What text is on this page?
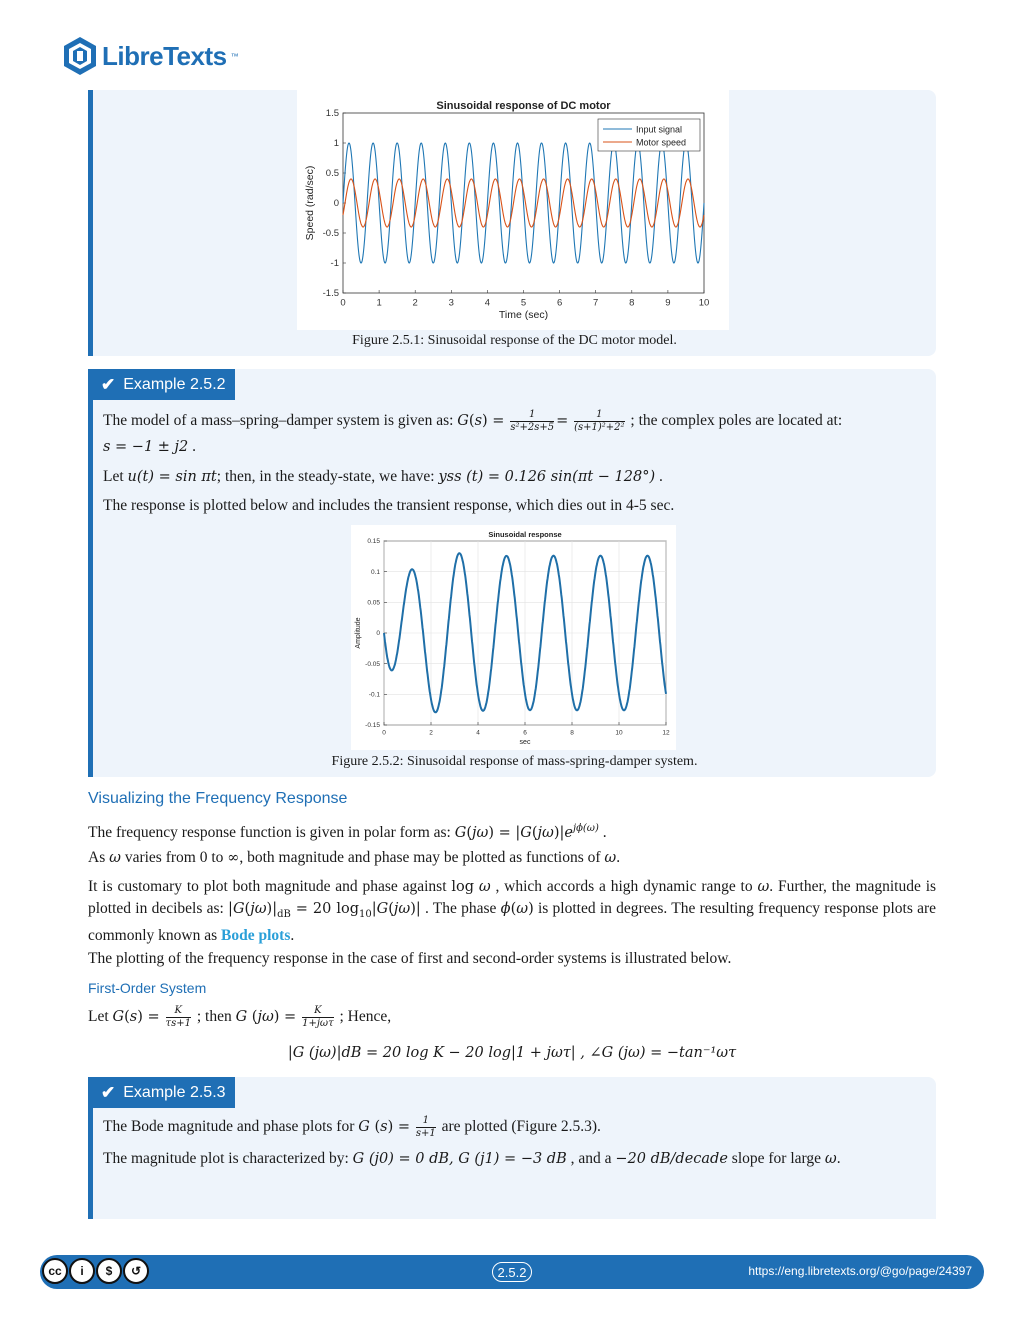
LibreTexts ™
0	1	2	3	4	5	6	7	8	9	10
1.5
1
0.5
0
-0.5
-1
-1.5
Sinusoidal response of DC motor
Time (sec)
Speed (rad/sec)
Input signal
Motor speed
Figure 2.5.1: Sinusoidal response of the DC motor model.
✔ Example 2.5.2
The model of a mass–spring–damper system is given as: $G(s) = \frac{1}{\text{s²+2s+5}} = \frac{1}{\text{(s+1)²+2²}}$ ; the complex poles are located at:
s = −1 ± j2 .
Let u(t) = sin πt; then, in the steady-state, we have: yss (t) = 0.126 sin(πt − 128°) .
The response is plotted below and includes the transient response, which dies out in 4-5 sec.
0	2	4	6	8	10	12
0.15
0.1
0.05
0
-0.05
-0.1
-0.15
Sinusoidal response
sec
Amplitude
Figure 2.5.2: Sinusoidal response of mass-spring-damper system.
Visualizing the Frequency Response
The frequency response function is given in polar form as: $G(j\omega) = |G(j\omega)|e^{j\phi(\omega)}$ .
As ω varies from 0 to ∞, both magnitude and phase may be plotted as functions of ω.
It is customary to plot both magnitude and phase against log ω , which accords a high dynamic range to ω. Further, the magnitude is plotted in decibels as: $|G(j\omega)|_{dB} = 20$ $\log_{10}|G(j\omega)|$ . The phase ϕ(ω) is plotted in degrees. The resulting frequency response plots are commonly known as Bode plots.
The plotting of the frequency response in the case of first and second-order systems is illustrated below.
First-Order System
Let $G(s) = \frac{K}{\tau s+1}$ ; then G $(j\omega) = \frac{K}{\text{1+jωτ}}$ ; Hence,
|G (jω)|dB = 20 log K − 20 log|1 + jωτ| , ∠G (jω) = −tan⁻¹ωτ
✔ Example 2.5.3
The Bode magnitude and phase plots for G $(s) = \frac{1}{s+1}$ are plotted (Figure 2.5.3).
The magnitude plot is characterized by: G (j0) = 0 dB, G (j1) = −3 dB , and a −20 dB/decade slope for large ω.
cc	i	$	↺	2.5.2	https://eng.libretexts.org/@go/page/24397
